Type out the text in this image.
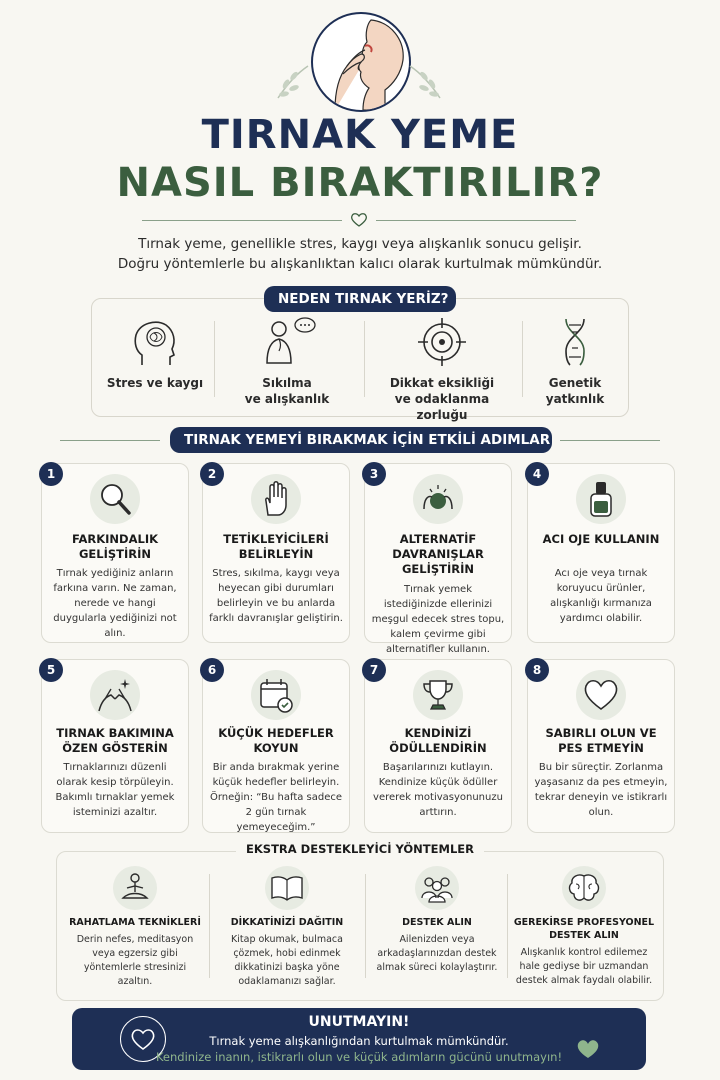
TIRNAK YEME
NASIL BIRAKTIRILIR?
Tırnak yeme, genellikle stres, kaygı veya alışkanlık sonucu gelişir.
Doğru yöntemlerle bu alışkanlıktan kalıcı olarak kurtulmak mümkündür.
Stres ve kaygı	Sıkılma
ve alışkanlık
Dikkat eksikliği
ve odaklanma zorluğu
Genetik
yatkınlık
NEDEN TIRNAK YERİZ?
TIRNAK YEMEYİ BIRAKMAK İÇİN ETKİLİ ADIMLAR
1
FARKINDALIK GELİŞTİRİN
Tırnak yediğiniz anların farkına varın. Ne zaman, nerede ve hangi duygularla yediğinizi not alın.
2
TETİKLEYİCİLERİ BELİRLEYİN
Stres, sıkılma, kaygı veya heyecan gibi durumları belirleyin ve bu anlarda farklı davranışlar geliştirin.
3
ALTERNATİF DAVRANIŞLAR GELİŞTİRİN
Tırnak yemek istediğinizde ellerinizi meşgul edecek stres topu, kalem çevirme gibi alternatifler kullanın.
4
ACI OJE KULLANIN
Acı oje veya tırnak koruyucu ürünler, alışkanlığı kırmanıza yardımcı olabilir.
5
TIRNAK BAKIMINA ÖZEN GÖSTERİN
Tırnaklarınızı düzenli olarak kesip törpüleyin. Bakımlı tırnaklar yemek isteminizi azaltır.
6
KÜÇÜK HEDEFLER KOYUN
Bir anda bırakmak yerine küçük hedefler belirleyin. Örneğin: “Bu hafta sadece 2 gün tırnak yemeyeceğim.”
7
KENDİNİZİ ÖDÜLLENDİRİN
Başarılarınızı kutlayın. Kendinize küçük ödüller vererek motivasyonunuzu arttırın.
8
SABIRLI OLUN VE PES ETMEYİN
Bu bir süreçtir. Zorlanma yaşasanız da pes etmeyin, tekrar deneyin ve istikrarlı olun.
RAHATLAMA TEKNİKLERİ
Derin nefes, meditasyon veya egzersiz gibi yöntemlerle stresinizi azaltın.
DİKKATİNİZİ DAĞITIN
Kitap okumak, bulmaca çözmek, hobi edinmek dikkatinizi başka yöne odaklamanızı sağlar.
DESTEK ALIN
Ailenizden veya arkadaşlarınızdan destek almak süreci kolaylaştırır.
GEREKİRSE PROFESYONEL DESTEK ALIN
Alışkanlık kontrol edilemez hale gediyse bir uzmandan destek almak faydalı olabilir.
EKSTRA DESTEKLEYİCİ YÖNTEMLER
UNUTMAYIN!
Tırnak yeme alışkanlığından kurtulmak mümkündür.
Kendinize inanın, istikrarlı olun ve küçük adımların gücünü unutmayın!
